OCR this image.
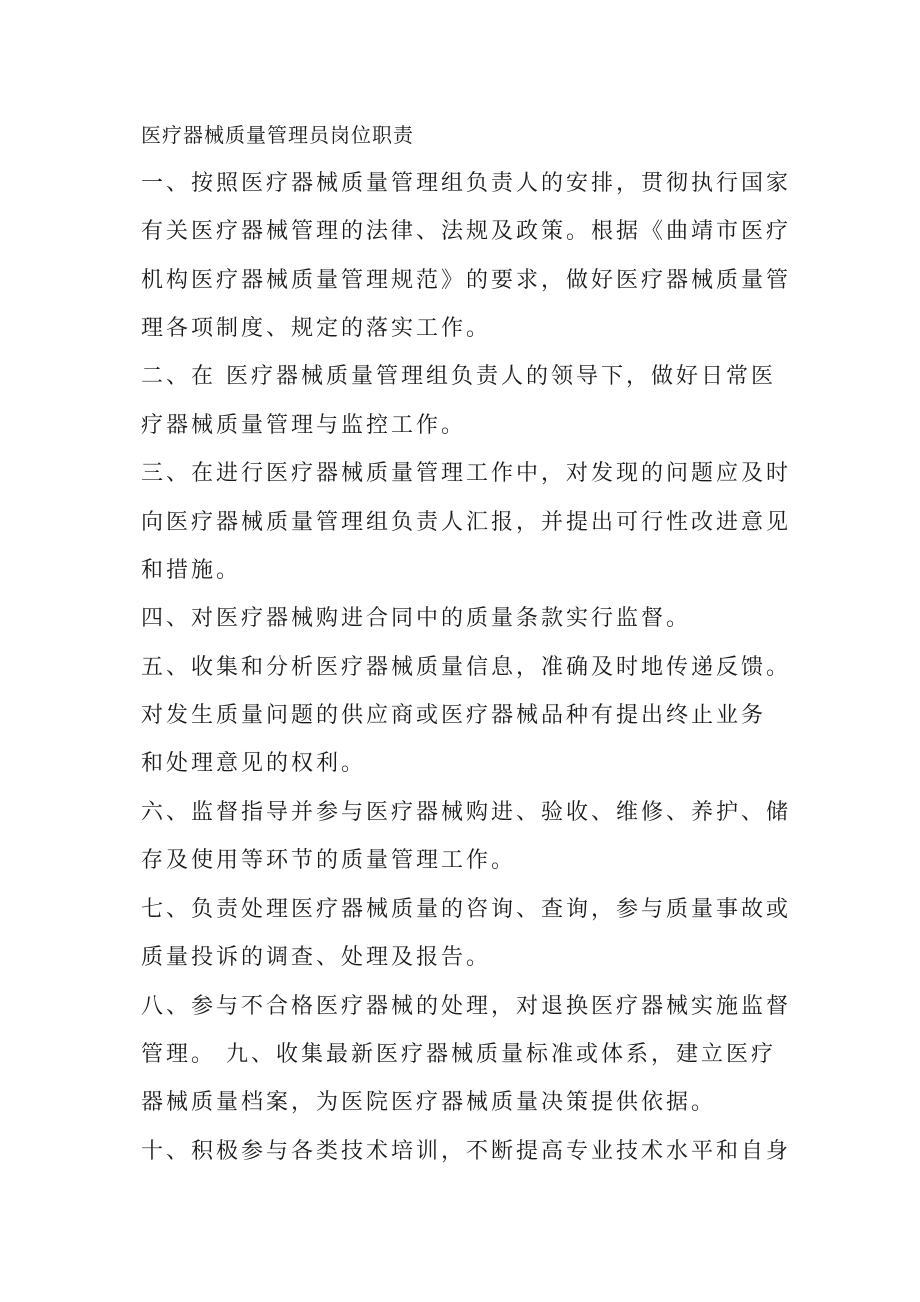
医疗器械质量管理员岗位职责
一、按照医疗器械质量管理组负责人的安排，贯彻执行国家
有关医疗器械管理的法律、法规及政策。根据《曲靖市医疗
机构医疗器械质量管理规范》的要求，做好医疗器械质量管
理各项制度、规定的落实工作。
二、在 医疗器械质量管理组负责人的领导下，做好日常医
疗器械质量管理与监控工作。
三、在进行医疗器械质量管理工作中，对发现的问题应及时
向医疗器械质量管理组负责人汇报，并提出可行性改进意见
和措施。
四、对医疗器械购进合同中的质量条款实行监督。
五、收集和分析医疗器械质量信息，准确及时地传递反馈。
对发生质量问题的供应商或医疗器械品种有提出终止业务
和处理意见的权利。
六、监督指导并参与医疗器械购进、验收、维修、养护、储
存及使用等环节的质量管理工作。
七、负责处理医疗器械质量的咨询、查询，参与质量事故或
质量投诉的调查、处理及报告。
八、参与不合格医疗器械的处理，对退换医疗器械实施监督
管理。 九、收集最新医疗器械质量标准或体系，建立医疗
器械质量档案，为医院医疗器械质量决策提供依据。
十、积极参与各类技术培训，不断提高专业技术水平和自身
